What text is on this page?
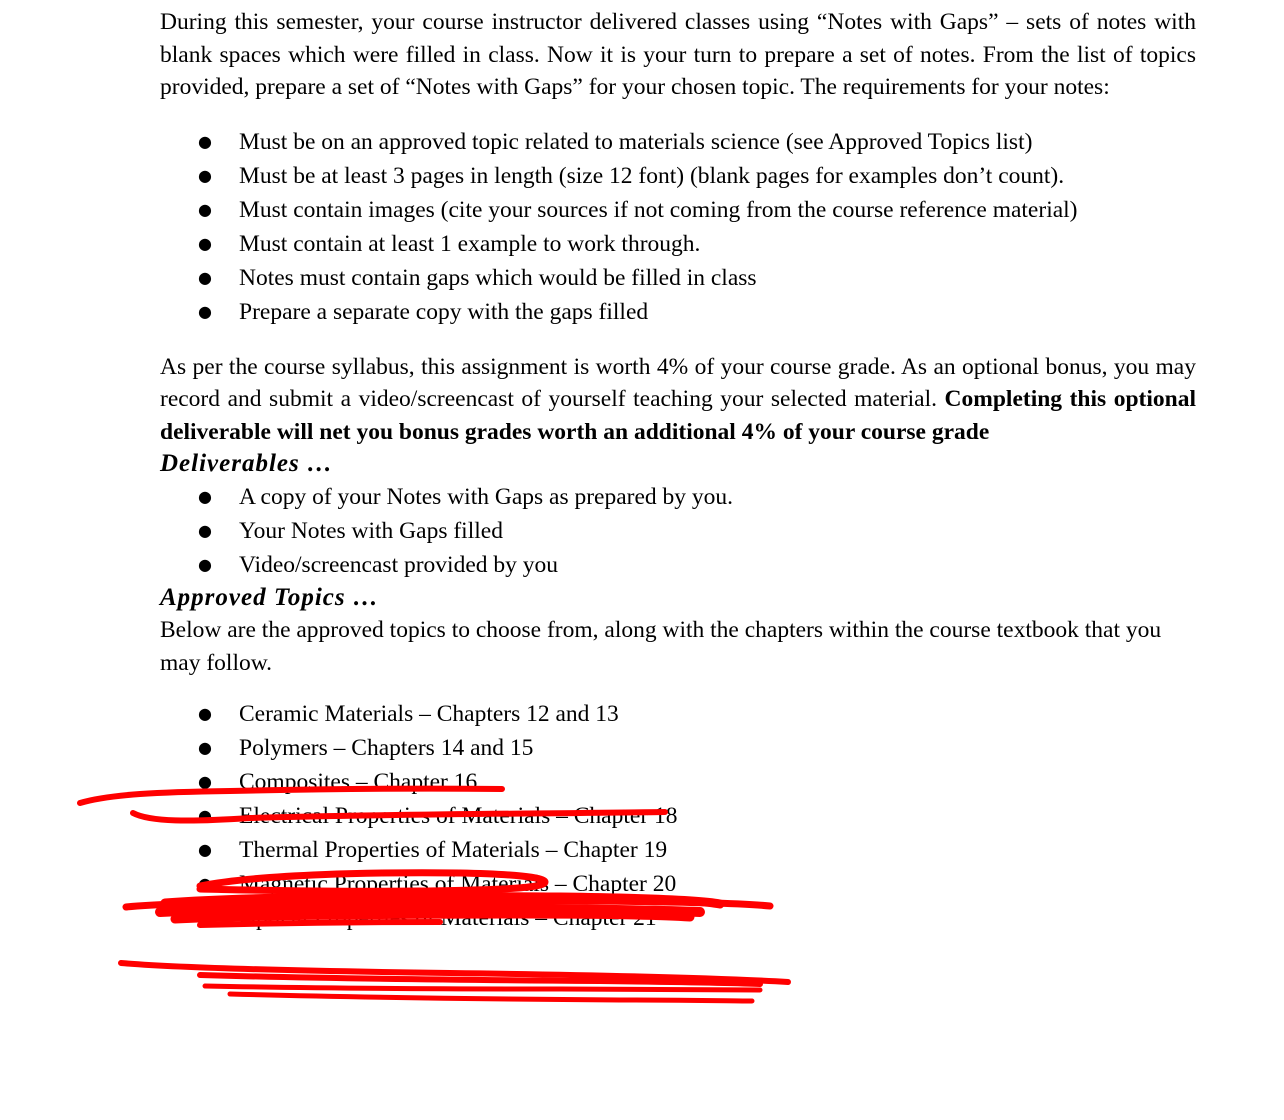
During this semester, your course instructor delivered classes using “Notes with Gaps” – sets of notes with blank spaces which were filled in class. Now it is your turn to prepare a set of notes. From the list of topics provided, prepare a set of “Notes with Gaps” for your chosen topic. The requirements for your notes:

● Must be on an approved topic related to materials science (see Approved Topics list)
● Must be at least 3 pages in length (size 12 font) (blank pages for examples don’t count).
● Must contain images (cite your sources if not coming from the course reference material)
● Must contain at least 1 example to work through.
● Notes must contain gaps which would be filled in class
● Prepare a separate copy with the gaps filled

As per the course syllabus, this assignment is worth 4% of your course grade. As an optional bonus, you may record and submit a video/screencast of yourself teaching your selected material. Completing this optional deliverable will net you bonus grades worth an additional 4% of your course grade

Deliverables …
● A copy of your Notes with Gaps as prepared by you.
● Your Notes with Gaps filled
● Video/screencast provided by you
Approved Topics …

Below are the approved topics to choose from, along with the chapters within the course textbook that you may follow.

● Ceramic Materials – Chapters 12 and 13
● Polymers – Chapters 14 and 15
● Composites – Chapter 16
● Electrical Properties of Materials – Chapter 18
● Thermal Properties of Materials – Chapter 19
● Magnetic Properties of Materials – Chapter 20
● Optical Properties of Materials – Chapter 21
